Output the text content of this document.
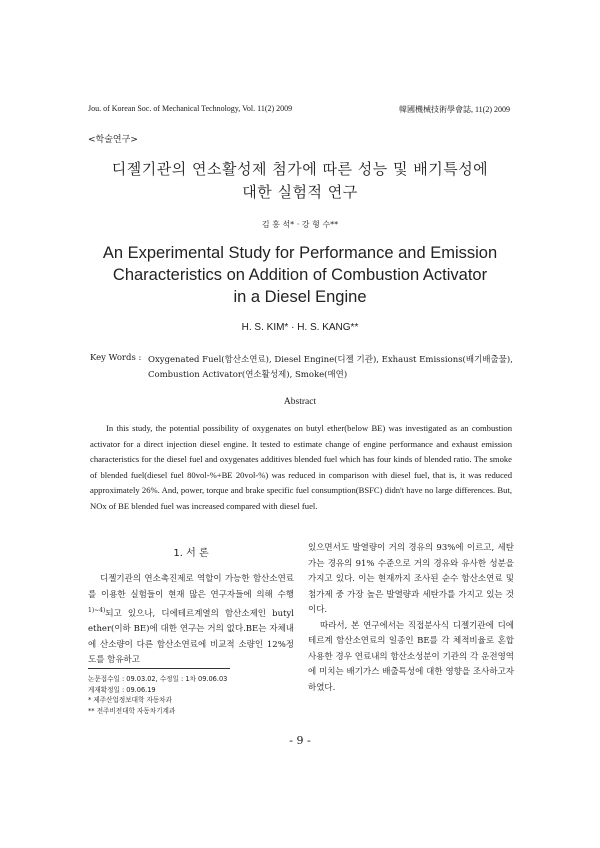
Jou. of Korean Soc. of Mechanical Technology, Vol. 11(2) 2009	韓國機械技術學會誌, 11(2) 2009
<학술연구>
디젤기관의 연소활성제 첨가에 따른 성능 및 배기특성에
대한 실험적 연구
김 홍 석* · 강 형 수**
An Experimental Study for Performance and Emission
Characteristics on Addition of Combustion Activator
in a Diesel Engine
H. S. KIM* · H. S. KANG**
Key Words : Oxygenated Fuel(함산소연료), Diesel Engine(디젤 기관), Exhaust Emissions(배기배출물), Combustion Activator(연소활성제), Smoke(매연)
Abstract
In this study, the potential possibility of oxygenates on butyl ether(below BE) was investigated as an combustion activator for a direct injection diesel engine. It tested to estimate change of engine performance and exhaust emission characteristics for the diesel fuel and oxygenates additives blended fuel which has four kinds of blended ratio. The smoke of blended fuel(diesel fuel 80vol-%+BE 20vol-%) was reduced in comparison with diesel fuel, that is, it was reduced approximately 26%. And, power, torque and brake specific fuel consumption(BSFC) didn't have no large differences. But, NOx of BE blended fuel was increased compared with diesel fuel.
1. 서 론

디젤기관의 연소촉진제로 역할이 가능한 함산소연료를 이용한 실험들이 현재 많은 연구자들에 의해 수행$^{1)\sim 4)}$되고 있으나, 디에테르계열의 함산소제인 butyl ether(이하 BE)에 대한 연구는 거의 없다.BE는 자체내에 산소량이 다른 함산소연료에 비교적 소량인 12%정도를 함유하고

있으면서도 발열량이 거의 경유의 93%에 이르고, 세탄가는 경유의 91% 수준으로 거의 경유와 유사한 성분을 가지고 있다. 이는 현재까지 조사된 순수 함산소연료 및 첨가제 중 가장 높은 발열량과 세탄가를 가지고 있는 것이다.

따라서, 본 연구에서는 직접분사식 디젤기관에 디에테르계 함산소연료의 일종인 BE를 각 체적비율로 혼합사용한 경우 연료내의 함산소성분이 기관의 각 운전영역에 미치는 배기가스 배출특성에 대한 영향을 조사하고자 하였다.

논문접수일 : 09.03.02, 수정일 : 1차 09.06.03
게재확정일 : 09.06.19
* 제주산업정보대학 자동차과
** 전주비전대학 자동차기계과
- 9 -
